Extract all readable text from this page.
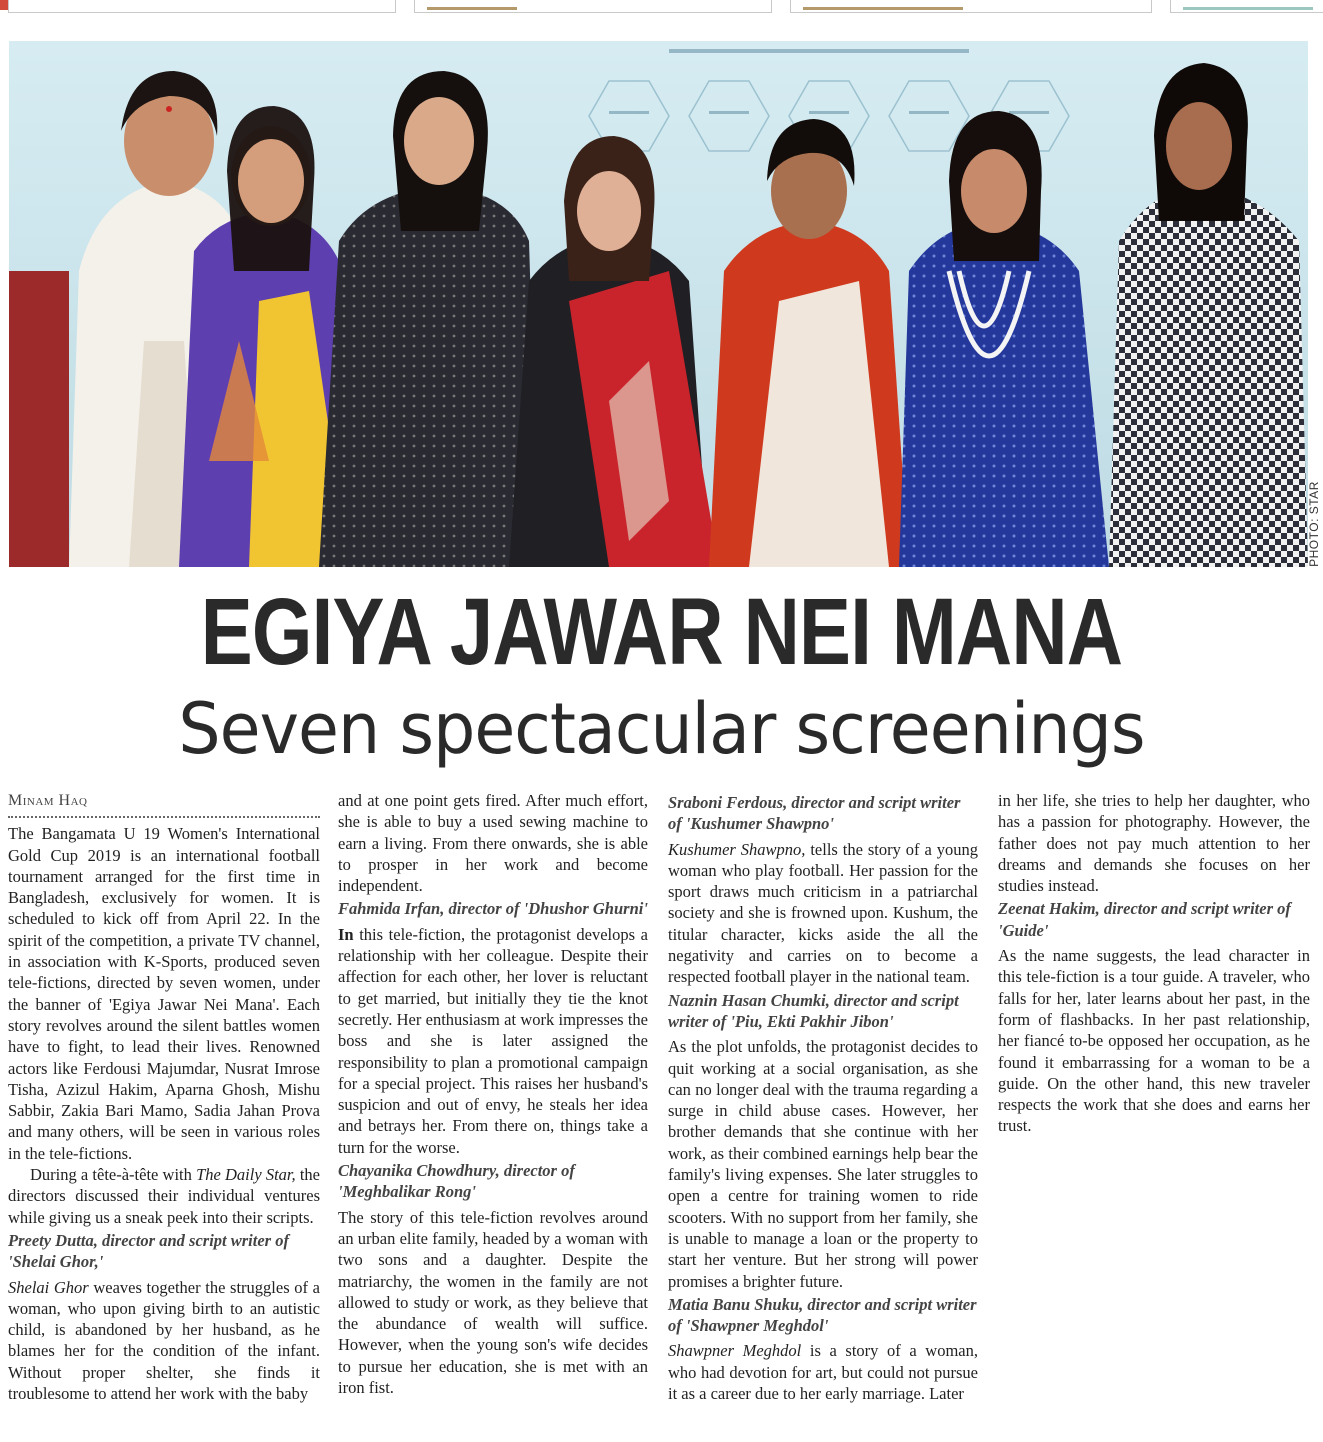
PHOTO: STAR
EGIYA JAWAR NEI MANA
Seven spectacular screenings

Minam Haq

The Bangamata U 19 Women's International Gold Cup 2019 is an international football tournament arranged for the first time in Bangladesh, exclusively for women. It is scheduled to kick off from April 22. In the spirit of the competition, a private TV channel, in association with K-Sports, produced seven tele-fictions, directed by seven women, under the banner of 'Egiya Jawar Nei Mana'. Each story revolves around the silent battles women have to fight, to lead their lives. Renowned actors like Ferdousi Majumdar, Nusrat Imrose Tisha, Azizul Hakim, Aparna Ghosh, Mishu Sabbir, Zakia Bari Mamo, Sadia Jahan Prova and many others, will be seen in various roles in the tele-fictions.

During a tête-à-tête with The Daily Star, the directors discussed their individual ventures while giving us a sneak peek into their scripts.

Preety Dutta, director and script writer of 'Shelai Ghor,'

Shelai Ghor weaves together the struggles of a woman, who upon giving birth to an autistic child, is abandoned by her husband, as he blames her for the condition of the infant. Without proper shelter, she finds it troublesome to attend her work with the baby

and at one point gets fired. After much effort, she is able to buy a used sewing machine to earn a living. From there onwards, she is able to prosper in her work and become independent.

Fahmida Irfan, director of 'Dhushor Ghurni'

In this tele-fiction, the protagonist develops a relationship with her colleague. Despite their affection for each other, her lover is reluctant to get married, but initially they tie the knot secretly. Her enthusiasm at work impresses the boss and she is later assigned the responsibility to plan a promotional campaign for a special project. This raises her husband's suspicion and out of envy, he steals her idea and betrays her. From there on, things take a turn for the worse.

Chayanika Chowdhury, director of 'Meghbalikar Rong'

The story of this tele-fiction revolves around an urban elite family, headed by a woman with two sons and a daughter. Despite the matriarchy, the women in the family are not allowed to study or work, as they believe that the abundance of wealth will suffice. However, when the young son's wife decides to pursue her education, she is met with an iron fist.

Sraboni Ferdous, director and script writer of 'Kushumer Shawpno'

Kushumer Shawpno, tells the story of a young woman who play football. Her passion for the sport draws much criticism in a patriarchal society and she is frowned upon. Kushum, the titular character, kicks aside the all the negativity and carries on to become a respected football player in the national team.

Naznin Hasan Chumki, director and script writer of 'Piu, Ekti Pakhir Jibon'

As the plot unfolds, the protagonist decides to quit working at a social organisation, as she can no longer deal with the trauma regarding a surge in child abuse cases. However, her brother demands that she continue with her work, as their combined earnings help bear the family's living expenses. She later struggles to open a centre for training women to ride scooters. With no support from her family, she is unable to manage a loan or the property to start her venture. But her strong will power promises a brighter future.

Matia Banu Shuku, director and script writer of 'Shawpner Meghdol'

Shawpner Meghdol is a story of a woman, who had devotion for art, but could not pursue it as a career due to her early marriage. Later

in her life, she tries to help her daughter, who has a passion for photography. However, the father does not pay much attention to her dreams and demands she focuses on her studies instead.

Zeenat Hakim, director and script writer of 'Guide'

As the name suggests, the lead character in this tele-fiction is a tour guide. A traveler, who falls for her, later learns about her past, in the form of flashbacks. In her past relationship, her fiancé to-be opposed her occupation, as he found it embarrassing for a woman to be a guide. On the other hand, this new traveler respects the work that she does and earns her trust.
